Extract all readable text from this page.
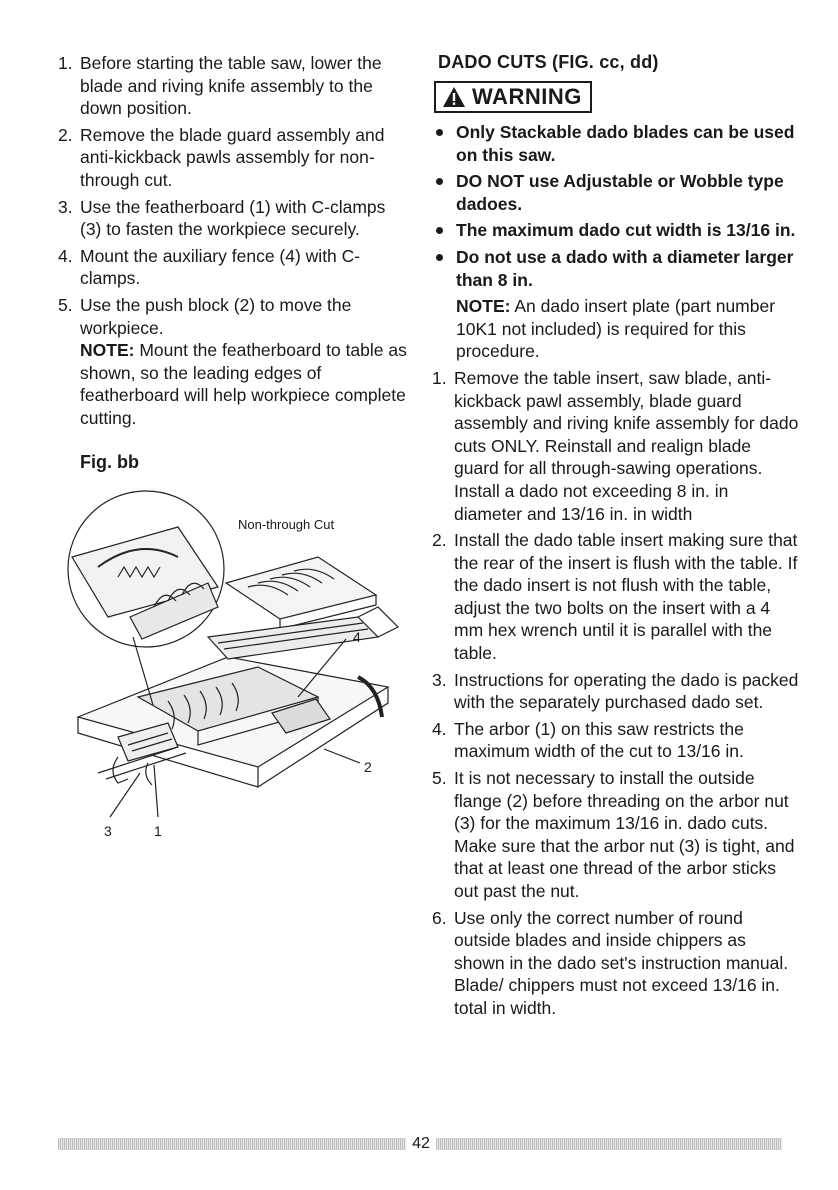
1. Before starting the table saw, lower the blade and riving knife assembly to the down position.
2. Remove the blade guard assembly and anti-kickback pawls assembly for non-through cut.
3. Use the featherboard (1) with C-clamps (3) to fasten the workpiece securely.
4. Mount the auxiliary fence (4) with C-clamps.
5. Use the push block (2) to move the workpiece.
NOTE: Mount the featherboard to table as shown, so the leading edges of featherboard will help workpiece complete cutting.
Fig. bb
Non-through Cut
4
2
3	1
DADO CUTS (FIG. cc, dd)
WARNING
Only Stackable dado blades can be used on this saw.
DO NOT use Adjustable or Wobble type dadoes.
The maximum dado cut width is 13/16 in.
Do not use a dado with a diameter larger than 8 in.
NOTE: An dado insert plate (part number 10K1 not included) is required for this procedure.
1. Remove the table insert, saw blade, anti-kickback pawl assembly, blade guard assembly and riving knife assembly for dado cuts ONLY. Reinstall and realign blade guard for all through-sawing operations. Install a dado not exceeding 8 in. in diameter and 13/16 in. in width
2. Install the dado table insert making sure that the rear of the insert is flush with the table. If the dado insert is not flush with the table, adjust the two bolts on the insert with a 4 mm hex wrench until it is parallel with the table.
3. Instructions for operating the dado is packed with the separately purchased dado set.
4. The arbor (1) on this saw restricts the maximum width of the cut to 13/16 in.
5. It is not necessary to install the outside flange (2) before threading on the arbor nut (3) for the maximum 13/16 in. dado cuts. Make sure that the arbor nut (3) is tight, and that at least one thread of the arbor sticks out past the nut.
6. Use only the correct number of round outside blades and inside chippers as shown in the dado set's instruction manual. Blade/ chippers must not exceed 13/16 in. total in width.
42
